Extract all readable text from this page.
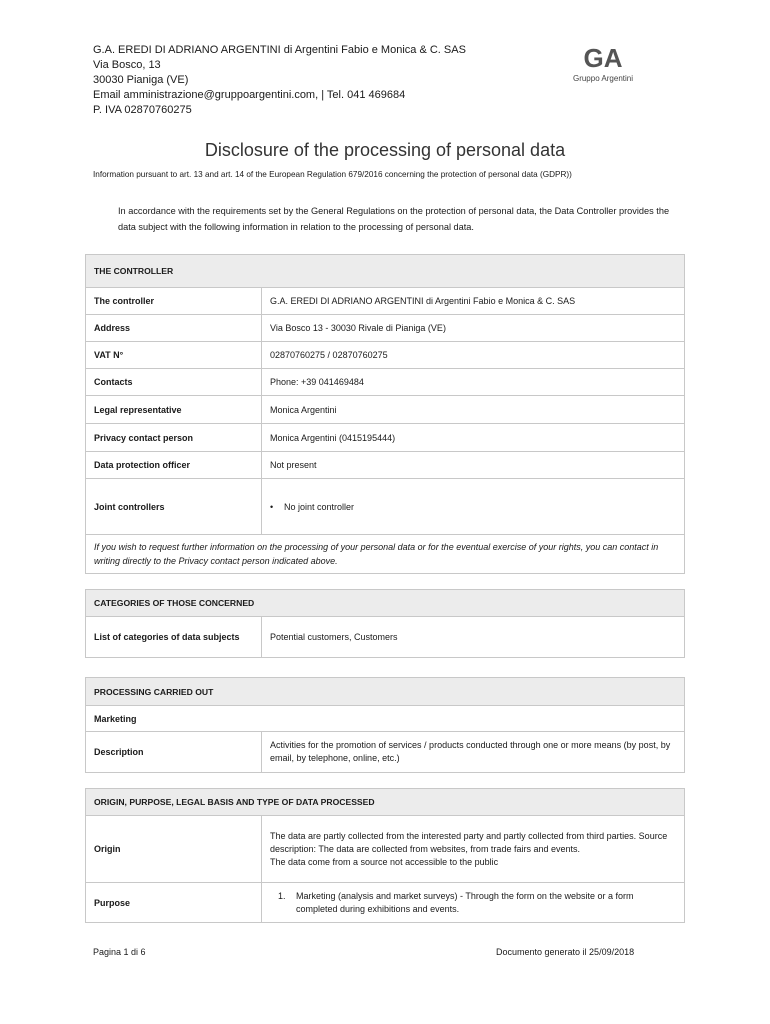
G.A. EREDI DI ADRIANO ARGENTINI di Argentini Fabio e Monica & C. SAS
Via Bosco, 13
30030 Pianiga (VE)
Email amministrazione@gruppoargentini.com, | Tel. 041 469684
P. IVA 02870760275
GA
Gruppo Argentini
Disclosure of the processing of personal data
Information pursuant to art. 13 and art. 14 of the European Regulation 679/2016 concerning the protection of personal data (GDPR))
In accordance with the requirements set by the General Regulations on the protection of personal data, the Data Controller provides the data subject with the following information in relation to the processing of personal data.
THE CONTROLLER	
The controller	G.A. EREDI DI ADRIANO ARGENTINI di Argentini Fabio e Monica & C. SAS
Address	Via Bosco 13 - 30030 Rivale di Pianiga (VE)
VAT N°	02870760275 / 02870760275
Contacts	Phone: +39 041469484
Legal representative	Monica Argentini
Privacy contact person	Monica Argentini (0415195444)
Data protection officer	Not present
Joint controllers	• No joint controller
If you wish to request further information on the processing of your personal data or for the eventual exercise of your rights, you can contact in writing directly to the Privacy contact person indicated above.	
CATEGORIES OF THOSE CONCERNED
List of categories of data subjects	Potential customers, Customers
PROCESSING CARRIED OUT
Marketing
Description	Activities for the promotion of services / products conducted through one or more means (by post, by email, by telephone, online, etc.)
ORIGIN, PURPOSE, LEGAL BASIS AND TYPE OF DATA PROCESSED	
Origin	The data are partly collected from the interested party and partly collected from third parties. Source description: The data are collected from websites, from trade fairs and events.
The data come from a source not accessible to the public

Purpose	1. Marketing (analysis and market surveys) - Through the form on the website or a form completed during exhibitions and events.
Pagina 1 di 6	Documento generato il 25/09/2018
